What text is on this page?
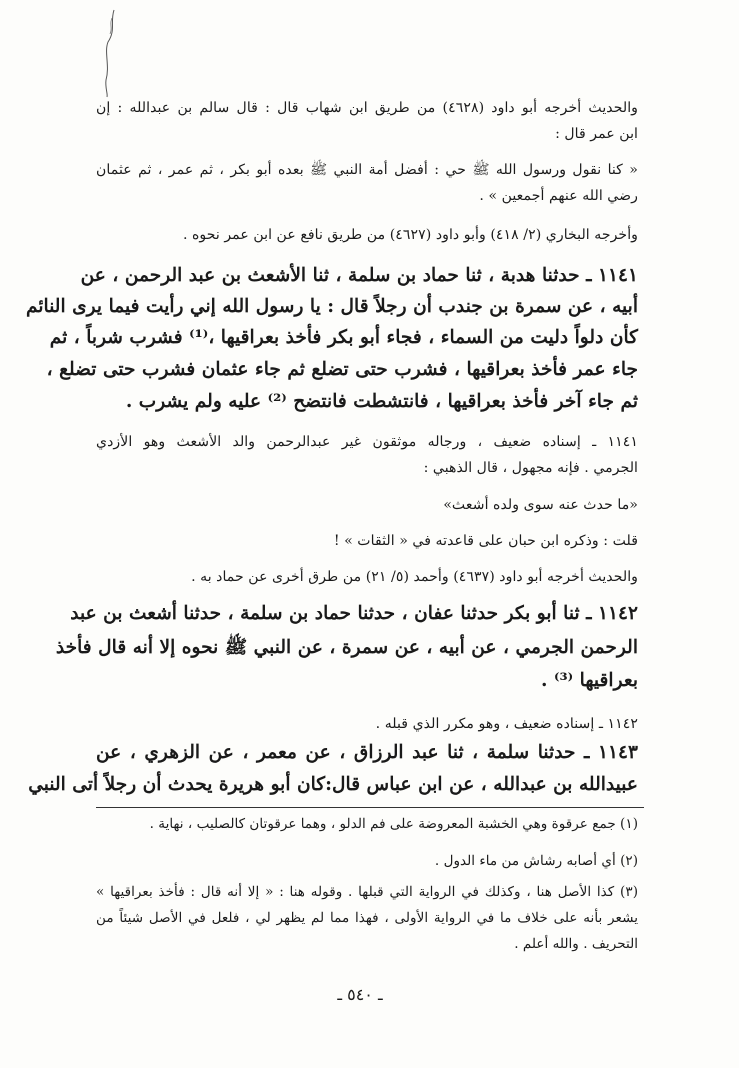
والحديث أخرجه أبو داود (٤٦٢٨) من طريق ابن شهاب قال : قال سالم بن عبدالله : إن

ابن عمر قال :

« كنا نقول ورسول الله ﷺ حي : أفضل أمة النبي ﷺ بعده أبو بكر ، ثم عمر ، ثم عثمان

رضي الله عنهم أجمعين » .

وأخرجه البخاري (٢/ ٤١٨) وأبو داود (٤٦٢٧) من طريق نافع عن ابن عمر نحوه .

١١٤١ ـ حدثنا هدبة ، ثنا حماد بن سلمة ، ثنا الأشعث بن عبد الرحمن ، عن

أبيه ، عن سمرة بن جندب أن رجلاً قال : يا رسول الله إني رأيت فيما يرى النائم

كأن دلواً دليت من السماء ، فجاء أبو بكر فأخذ بعراقيها ،⁽¹⁾ فشرب شرباً ، ثم

جاء عمر فأخذ بعراقيها ، فشرب حتى تضلع ثم جاء عثمان فشرب حتى تضلع ،

ثم جاء آخر فأخذ بعراقيها ، فانتشطت فانتضح ⁽²⁾ عليه ولم يشرب .

١١٤١ ـ إسناده ضعيف ، ورجاله موثقون غير عبدالرحمن والد الأشعث وهو الأزدي

الجرمي . فإنه مجهول ، قال الذهبي :

«ما حدث عنه سوى ولده أشعث»

قلت : وذكره ابن حبان على قاعدته في « الثقات » !

والحديث أخرجه أبو داود (٤٦٣٧) وأحمد (٥/ ٢١) من طرق أخرى عن حماد به .

١١٤٢ ـ ثنا أبو بكر حدثنا عفان ، حدثنا حماد بن سلمة ، حدثنا أشعث بن عبد

الرحمن الجرمي ، عن أبيه ، عن سمرة ، عن النبي ﷺ نحوه إلا أنه قال فأخذ

بعراقيها ⁽³⁾ .

١١٤٢ ـ إسناده ضعيف ، وهو مكرر الذي قبله .

١١٤٣ ـ حدثنا سلمة ، ثنا عبد الرزاق ، عن معمر ، عن الزهري ، عن

عبيدالله بن عبدالله ، عن ابن عباس قال:كان أبو هريرة يحدث أن رجلاً أتى النبي

(١) جمع عرقوة وهي الخشبة المعروضة على فم الدلو ، وهما عرقوتان كالصليب ، نهاية .

(٢) أي أصابه رشاش من ماء الدول .

(٣) كذا الأصل هنا ، وكذلك في الرواية التي قبلها . وقوله هنا : « إلا أنه قال : فأخذ بعراقيها »

يشعر بأنه على خلاف ما في الرواية الأولى ، فهذا مما لم يظهر لي ، فلعل في الأصل شيئاً من

التحريف . والله أعلم .

ـ ٥٤٠ ـ
